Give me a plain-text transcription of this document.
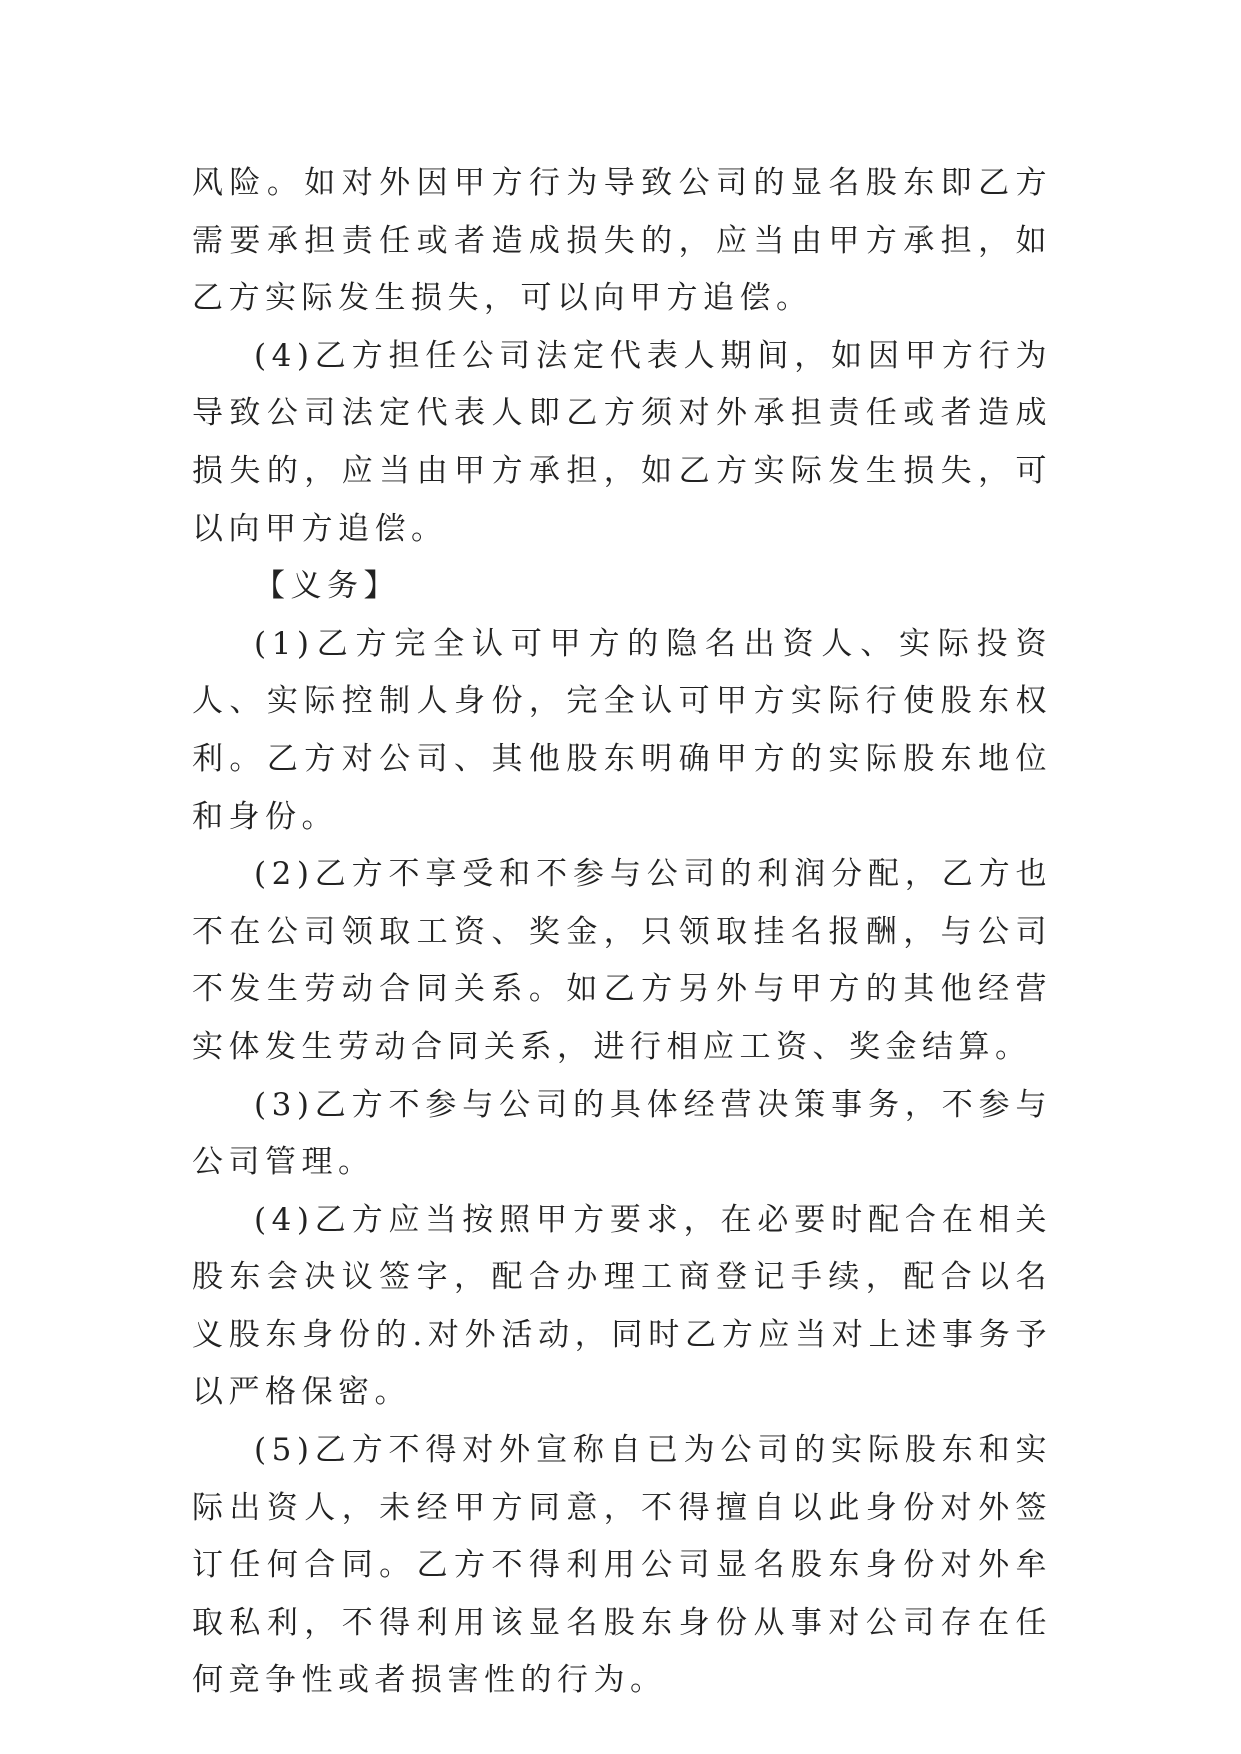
风险。如对外因甲方行为导致公司的显名股东即乙方需要承担责任或者造成损失的，应当由甲方承担，如乙方实际发生损失，可以向甲方追偿。

(4)乙方担任公司法定代表人期间，如因甲方行为导致公司法定代表人即乙方须对外承担责任或者造成损失的，应当由甲方承担，如乙方实际发生损失，可以向甲方追偿。

【义务】

(1)乙方完全认可甲方的隐名出资人、实际投资人、实际控制人身份，完全认可甲方实际行使股东权利。乙方对公司、其他股东明确甲方的实际股东地位和身份。

(2)乙方不享受和不参与公司的利润分配，乙方也不在公司领取工资、奖金，只领取挂名报酬，与公司不发生劳动合同关系。如乙方另外与甲方的其他经营实体发生劳动合同关系，进行相应工资、奖金结算。

(3)乙方不参与公司的具体经营决策事务，不参与公司管理。

(4)乙方应当按照甲方要求，在必要时配合在相关股东会决议签字，配合办理工商登记手续，配合以名义股东身份的.对外活动，同时乙方应当对上述事务予以严格保密。

(5)乙方不得对外宣称自已为公司的实际股东和实际出资人，未经甲方同意，不得擅自以此身份对外签订任何合同。乙方不得利用公司显名股东身份对外牟取私利，不得利用该显名股东身份从事对公司存在任何竞争性或者损害性的行为。
